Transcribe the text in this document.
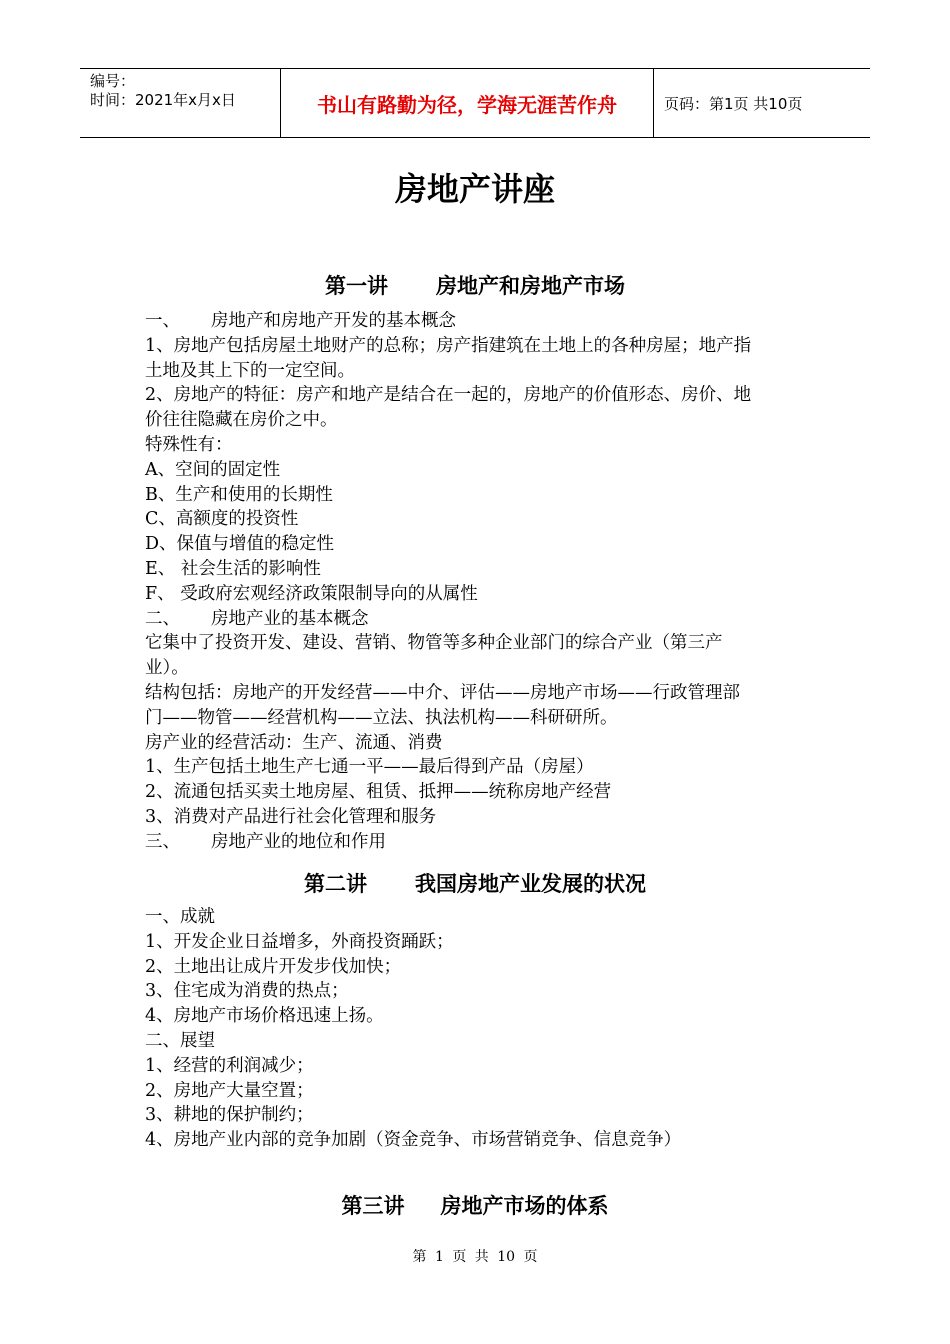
编号：
时间：2021年x月x日	书山有路勤为径，学海无涯苦作舟	页码：第1页 共10页
房地产讲座
第一讲 房地产和房地产市场
一、 房地产和房地产开发的基本概念
1、房地产包括房屋土地财产的总称；房产指建筑在土地上的各种房屋；地产指
土地及其上下的一定空间。
2、房地产的特征：房产和地产是结合在一起的，房地产的价值形态、房价、地
价往往隐藏在房价之中。
特殊性有：
A、空间的固定性
B、生产和使用的长期性
C、高额度的投资性
D、保值与增值的稳定性
E、 社会生活的影响性
F、 受政府宏观经济政策限制导向的从属性
二、 房地产业的基本概念
它集中了投资开发、建设、营销、物管等多种企业部门的综合产业（第三产
业）。
结构包括：房地产的开发经营——中介、评估——房地产市场——行政管理部
门——物管——经营机构——立法、执法机构——科研研所。
房产业的经营活动：生产、流通、消费
1、生产包括土地生产七通一平——最后得到产品（房屋）
2、流通包括买卖土地房屋、租赁、抵押——统称房地产经营
3、消费对产品进行社会化管理和服务
三、 房地产业的地位和作用
第二讲 我国房地产业发展的状况
一、成就
1、开发企业日益增多，外商投资踊跃；
2、土地出让成片开发步伐加快；
3、住宅成为消费的热点；
4、房地产市场价格迅速上扬。
二、展望
1、经营的利润减少；
2、房地产大量空置；
3、耕地的保护制约；
4、房地产业内部的竞争加剧（资金竞争、市场营销竞争、信息竞争）
第三讲 房地产市场的体系
第 1 页 共 10 页
